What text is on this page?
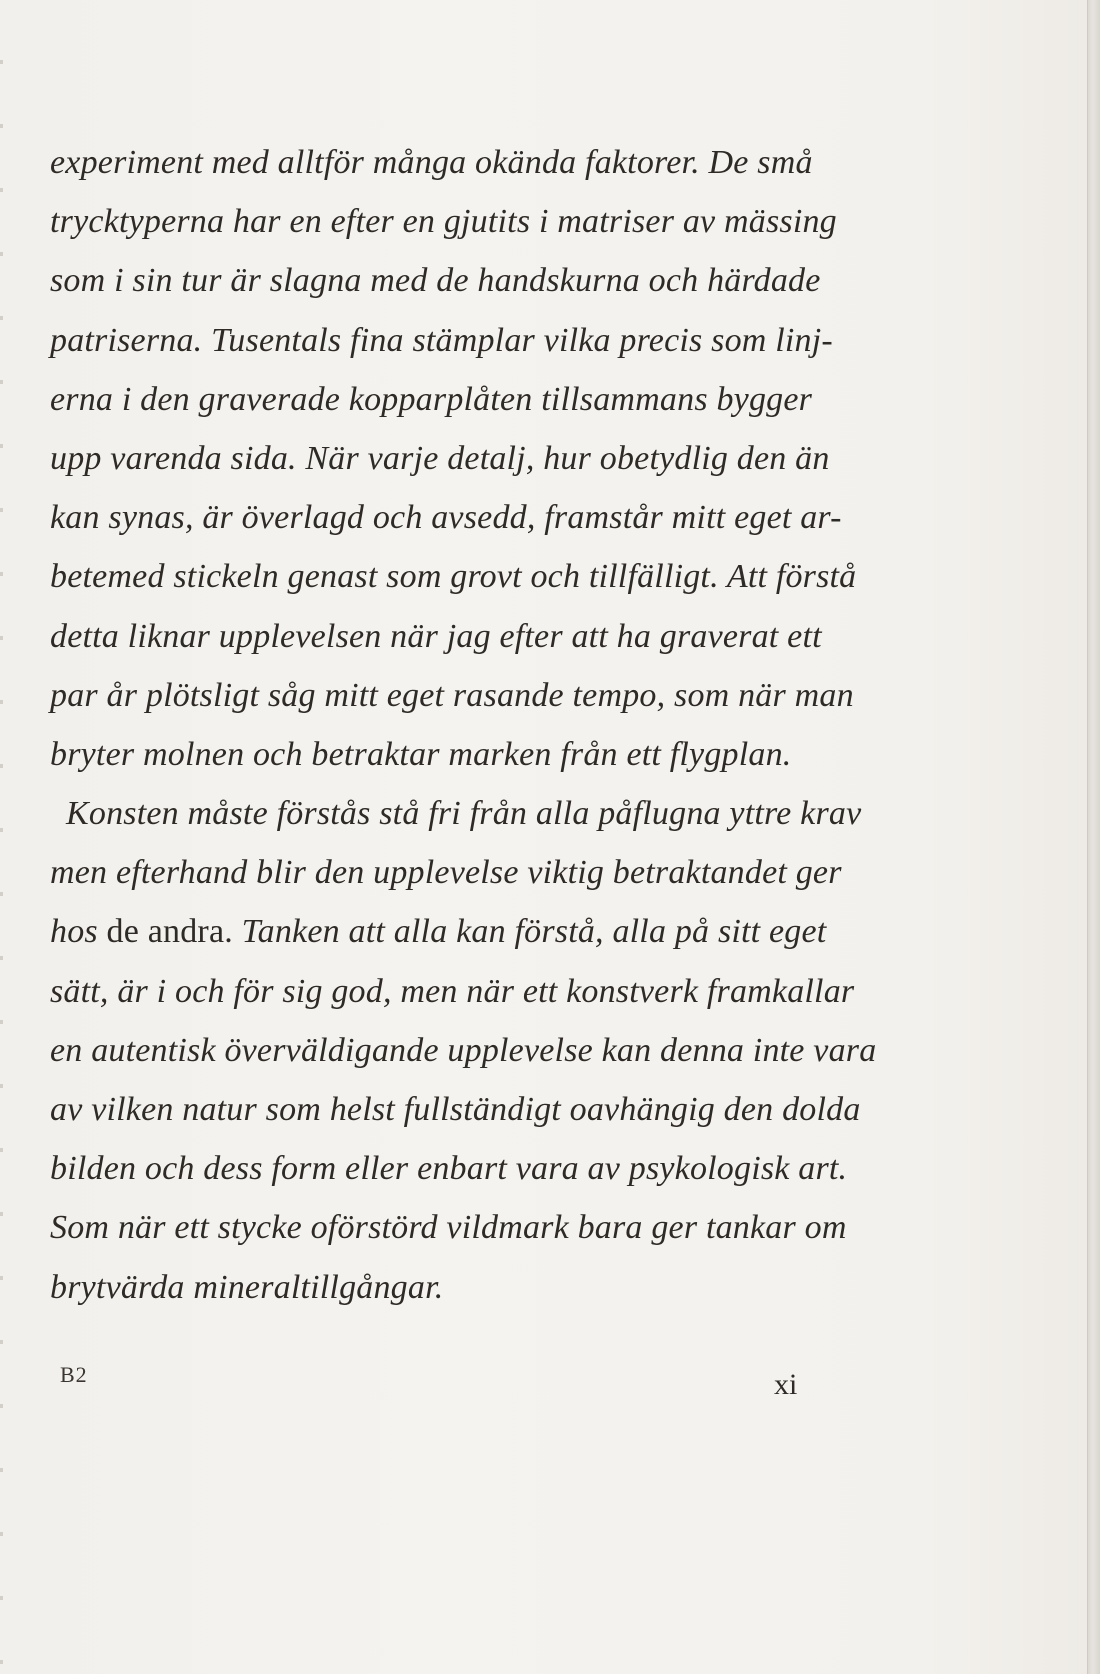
experiment med alltför många okända faktorer. De små
trycktyperna har en efter en gjutits i matriser av mässing
som i sin tur är slagna med de handskurna och härdade
patriserna. Tusentals fina stämplar vilka precis som linj-
erna i den graverade kopparplåten tillsammans bygger
upp varenda sida. När varje detalj, hur obetydlig den än
kan synas, är överlagd och avsedd, framstår mitt eget ar-
betemed stickeln genast som grovt och tillfälligt. Att förstå
detta liknar upplevelsen när jag efter att ha graverat ett
par år plötsligt såg mitt eget rasande tempo, som när man
bryter molnen och betraktar marken från ett flygplan.
Konsten måste förstås stå fri från alla påflugna yttre krav
men efterhand blir den upplevelse viktig betraktandet ger
hos de andra. Tanken att alla kan förstå, alla på sitt eget
sätt, är i och för sig god, men när ett konstverk framkallar
en autentisk överväldigande upplevelse kan denna inte vara
av vilken natur som helst fullständigt oavhängig den dolda
bilden och dess form eller enbart vara av psykologisk art.
Som när ett stycke oförstörd vildmark bara ger tankar om
brytvärda mineraltillgångar.
B2	xi
